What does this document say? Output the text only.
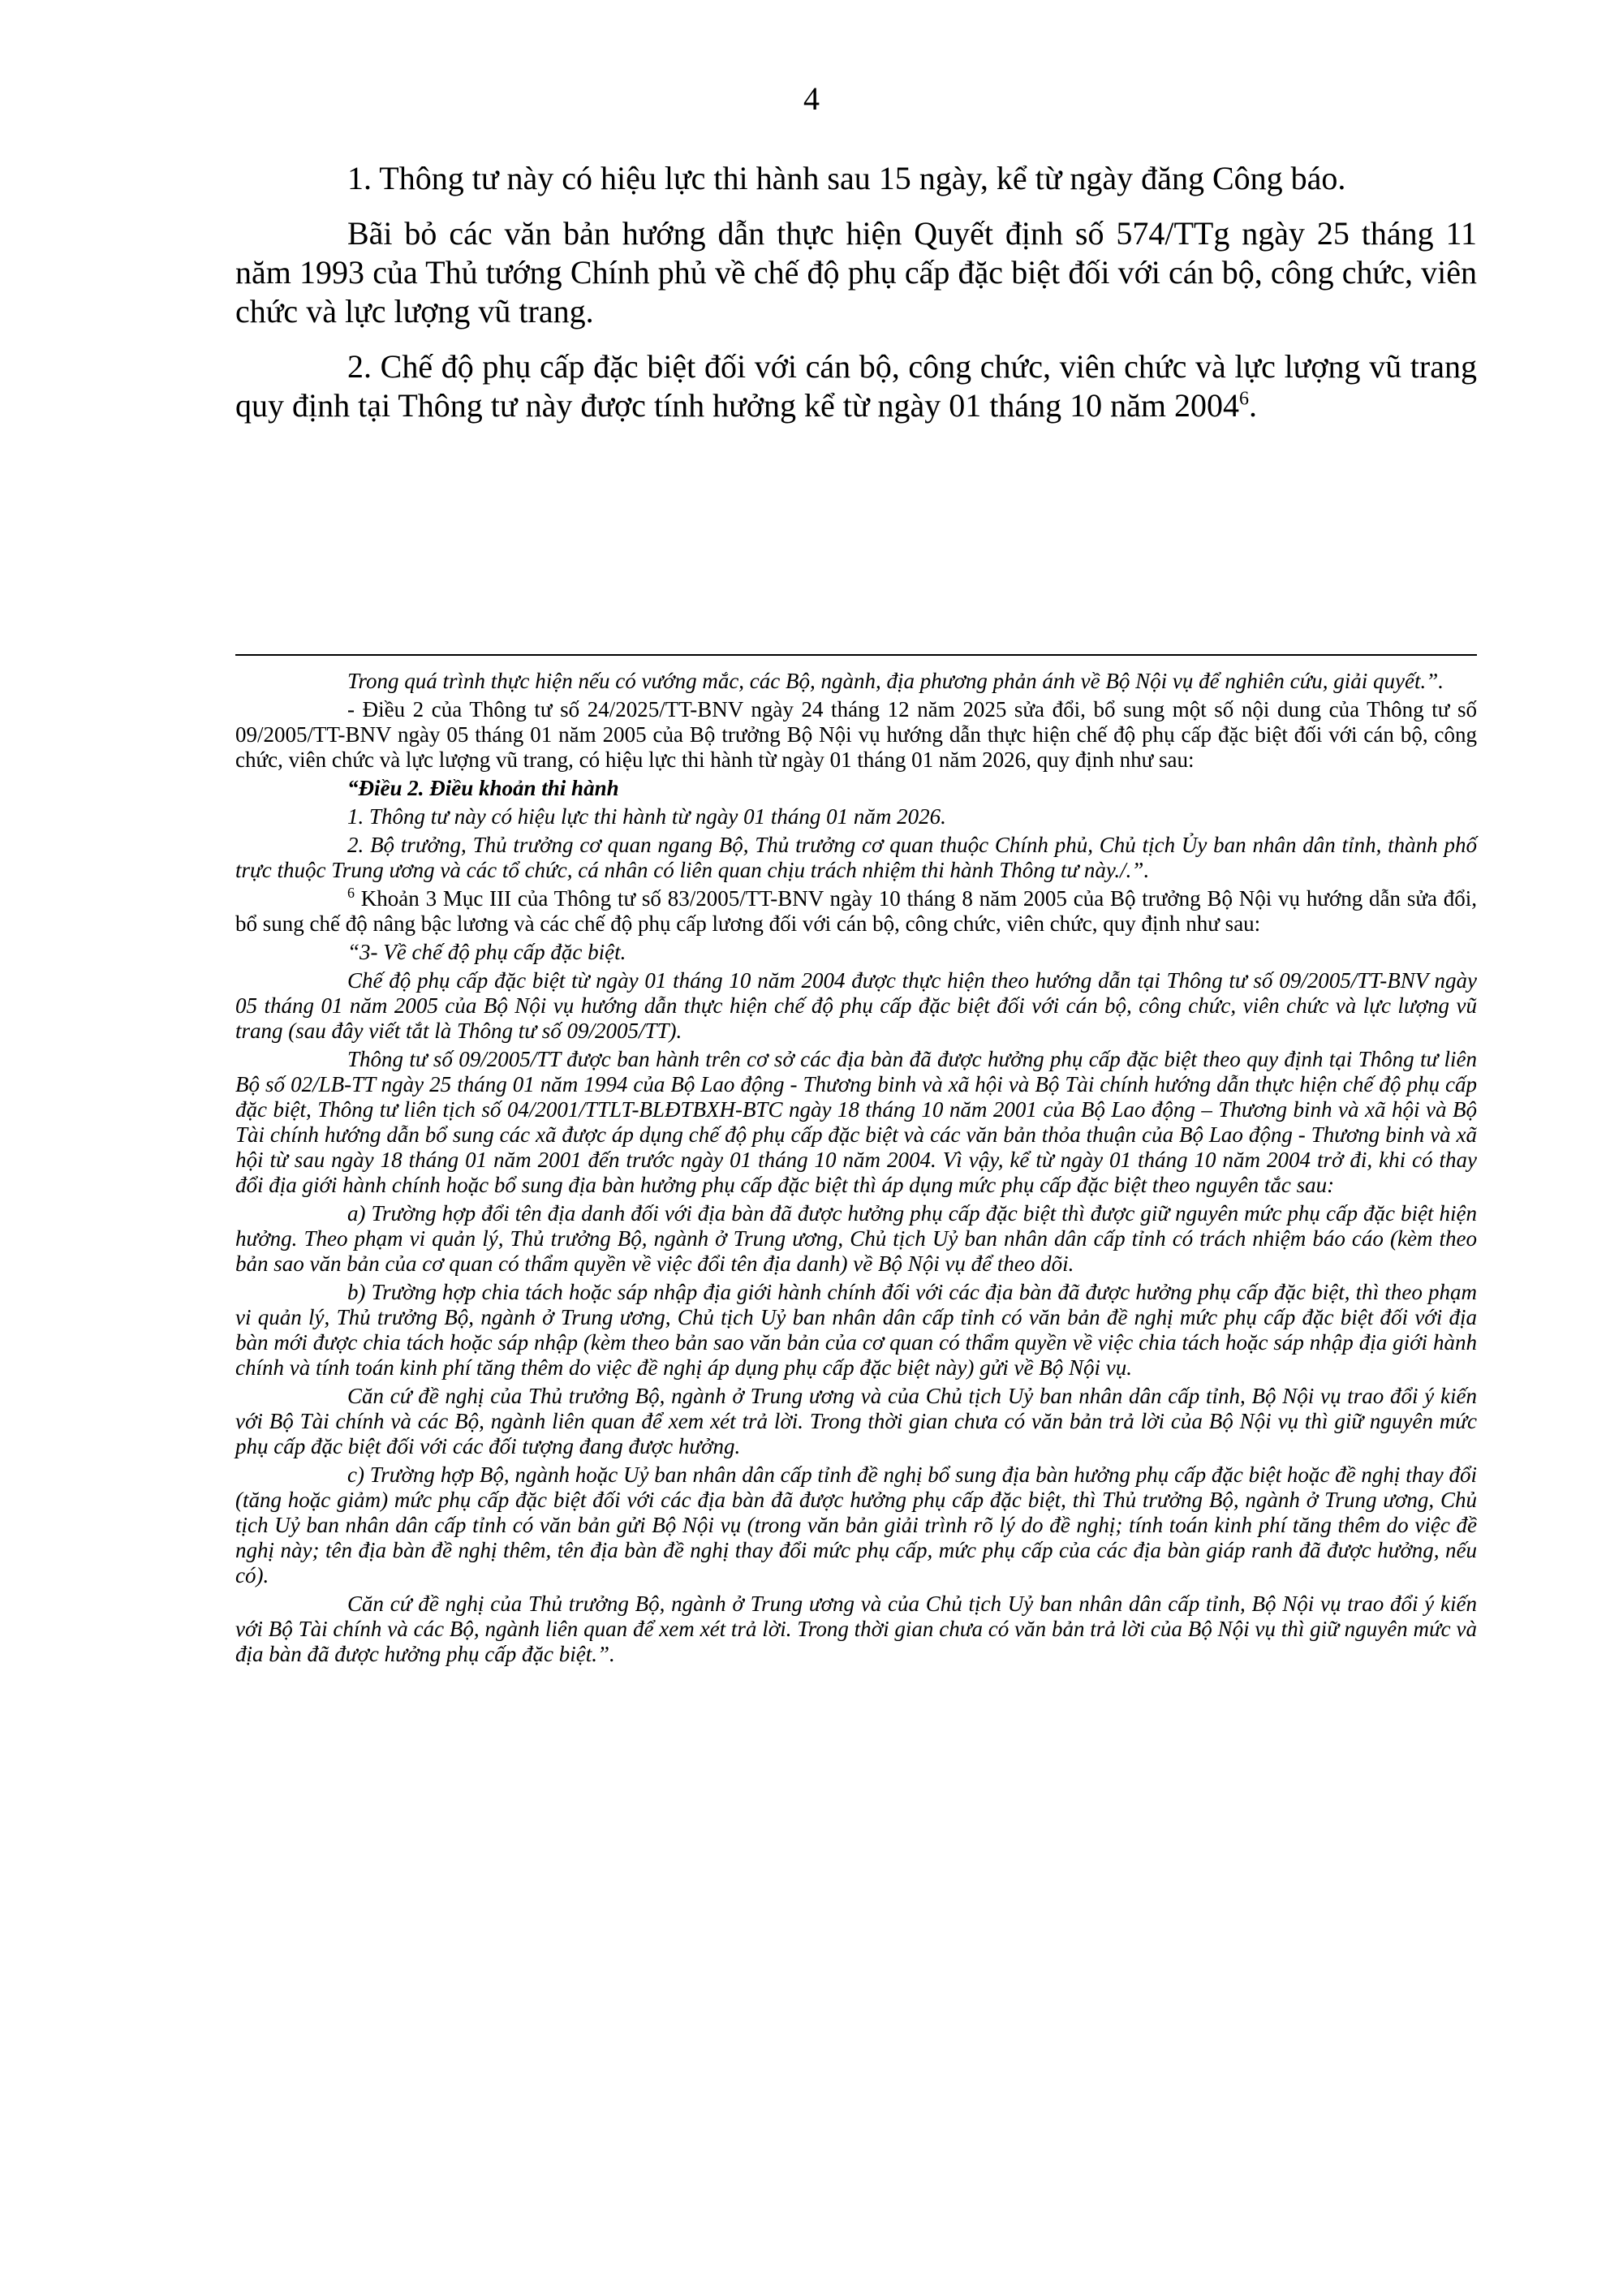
4

1. Thông tư này có hiệu lực thi hành sau 15 ngày, kể từ ngày đăng Công báo.

Bãi bỏ các văn bản hướng dẫn thực hiện Quyết định số 574/TTg ngày 25 tháng 11 năm 1993 của Thủ tướng Chính phủ về chế độ phụ cấp đặc biệt đối với cán bộ, công chức, viên chức và lực lượng vũ trang.

2. Chế độ phụ cấp đặc biệt đối với cán bộ, công chức, viên chức và lực lượng vũ trang quy định tại Thông tư này được tính hưởng kể từ ngày 01 tháng 10 năm 2004$^6$.

Trong quá trình thực hiện nếu có vướng mắc, các Bộ, ngành, địa phương phản ánh về Bộ Nội vụ để nghiên cứu, giải quyết.”.

- Điều 2 của Thông tư số 24/2025/TT-BNV ngày 24 tháng 12 năm 2025 sửa đổi, bổ sung một số nội dung của Thông tư số 09/2005/TT-BNV ngày 05 tháng 01 năm 2005 của Bộ trưởng Bộ Nội vụ hướng dẫn thực hiện chế độ phụ cấp đặc biệt đối với cán bộ, công chức, viên chức và lực lượng vũ trang, có hiệu lực thi hành từ ngày 01 tháng 01 năm 2026, quy định như sau:

“Điều 2. Điều khoản thi hành

1. Thông tư này có hiệu lực thi hành từ ngày 01 tháng 01 năm 2026.

2. Bộ trưởng, Thủ trưởng cơ quan ngang Bộ, Thủ trưởng cơ quan thuộc Chính phủ, Chủ tịch Ủy ban nhân dân tỉnh, thành phố trực thuộc Trung ương và các tổ chức, cá nhân có liên quan chịu trách nhiệm thi hành Thông tư này./.”.

$^6$ Khoản 3 Mục III của Thông tư số 83/2005/TT-BNV ngày 10 tháng 8 năm 2005 của Bộ trưởng Bộ Nội vụ hướng dẫn sửa đổi, bổ sung chế độ nâng bậc lương và các chế độ phụ cấp lương đối với cán bộ, công chức, viên chức, quy định như sau:

“3- Về chế độ phụ cấp đặc biệt.

Chế độ phụ cấp đặc biệt từ ngày 01 tháng 10 năm 2004 được thực hiện theo hướng dẫn tại Thông tư số 09/2005/TT-BNV ngày 05 tháng 01 năm 2005 của Bộ Nội vụ hướng dẫn thực hiện chế độ phụ cấp đặc biệt đối với cán bộ, công chức, viên chức và lực lượng vũ trang (sau đây viết tắt là Thông tư số 09/2005/TT).

Thông tư số 09/2005/TT được ban hành trên cơ sở các địa bàn đã được hưởng phụ cấp đặc biệt theo quy định tại Thông tư liên Bộ số 02/LB-TT ngày 25 tháng 01 năm 1994 của Bộ Lao động - Thương binh và xã hội và Bộ Tài chính hướng dẫn thực hiện chế độ phụ cấp đặc biệt, Thông tư liên tịch số 04/2001/TTLT-BLĐTBXH-BTC ngày 18 tháng 10 năm 2001 của Bộ Lao động – Thương binh và xã hội và Bộ Tài chính hướng dẫn bổ sung các xã được áp dụng chế độ phụ cấp đặc biệt và các văn bản thỏa thuận của Bộ Lao động - Thương binh và xã hội từ sau ngày 18 tháng 01 năm 2001 đến trước ngày 01 tháng 10 năm 2004. Vì vậy, kể từ ngày 01 tháng 10 năm 2004 trở đi, khi có thay đổi địa giới hành chính hoặc bổ sung địa bàn hưởng phụ cấp đặc biệt thì áp dụng mức phụ cấp đặc biệt theo nguyên tắc sau:

a) Trường hợp đổi tên địa danh đối với địa bàn đã được hưởng phụ cấp đặc biệt thì được giữ nguyên mức phụ cấp đặc biệt hiện hưởng. Theo phạm vi quản lý, Thủ trưởng Bộ, ngành ở Trung ương, Chủ tịch Uỷ ban nhân dân cấp tỉnh có trách nhiệm báo cáo (kèm theo bản sao văn bản của cơ quan có thẩm quyền về việc đổi tên địa danh) về Bộ Nội vụ để theo dõi.

b) Trường hợp chia tách hoặc sáp nhập địa giới hành chính đối với các địa bàn đã được hưởng phụ cấp đặc biệt, thì theo phạm vi quản lý, Thủ trưởng Bộ, ngành ở Trung ương, Chủ tịch Uỷ ban nhân dân cấp tỉnh có văn bản đề nghị mức phụ cấp đặc biệt đối với địa bàn mới được chia tách hoặc sáp nhập (kèm theo bản sao văn bản của cơ quan có thẩm quyền về việc chia tách hoặc sáp nhập địa giới hành chính và tính toán kinh phí tăng thêm do việc đề nghị áp dụng phụ cấp đặc biệt này) gửi về Bộ Nội vụ.

Căn cứ đề nghị của Thủ trưởng Bộ, ngành ở Trung ương và của Chủ tịch Uỷ ban nhân dân cấp tỉnh, Bộ Nội vụ trao đổi ý kiến với Bộ Tài chính và các Bộ, ngành liên quan để xem xét trả lời. Trong thời gian chưa có văn bản trả lời của Bộ Nội vụ thì giữ nguyên mức phụ cấp đặc biệt đối với các đối tượng đang được hưởng.

c) Trường hợp Bộ, ngành hoặc Uỷ ban nhân dân cấp tỉnh đề nghị bổ sung địa bàn hưởng phụ cấp đặc biệt hoặc đề nghị thay đổi (tăng hoặc giảm) mức phụ cấp đặc biệt đối với các địa bàn đã được hưởng phụ cấp đặc biệt, thì Thủ trưởng Bộ, ngành ở Trung ương, Chủ tịch Uỷ ban nhân dân cấp tỉnh có văn bản gửi Bộ Nội vụ (trong văn bản giải trình rõ lý do đề nghị; tính toán kinh phí tăng thêm do việc đề nghị này; tên địa bàn đề nghị thêm, tên địa bàn đề nghị thay đổi mức phụ cấp, mức phụ cấp của các địa bàn giáp ranh đã được hưởng, nếu có).

Căn cứ đề nghị của Thủ trưởng Bộ, ngành ở Trung ương và của Chủ tịch Uỷ ban nhân dân cấp tỉnh, Bộ Nội vụ trao đổi ý kiến với Bộ Tài chính và các Bộ, ngành liên quan để xem xét trả lời. Trong thời gian chưa có văn bản trả lời của Bộ Nội vụ thì giữ nguyên mức và địa bàn đã được hưởng phụ cấp đặc biệt.”.
